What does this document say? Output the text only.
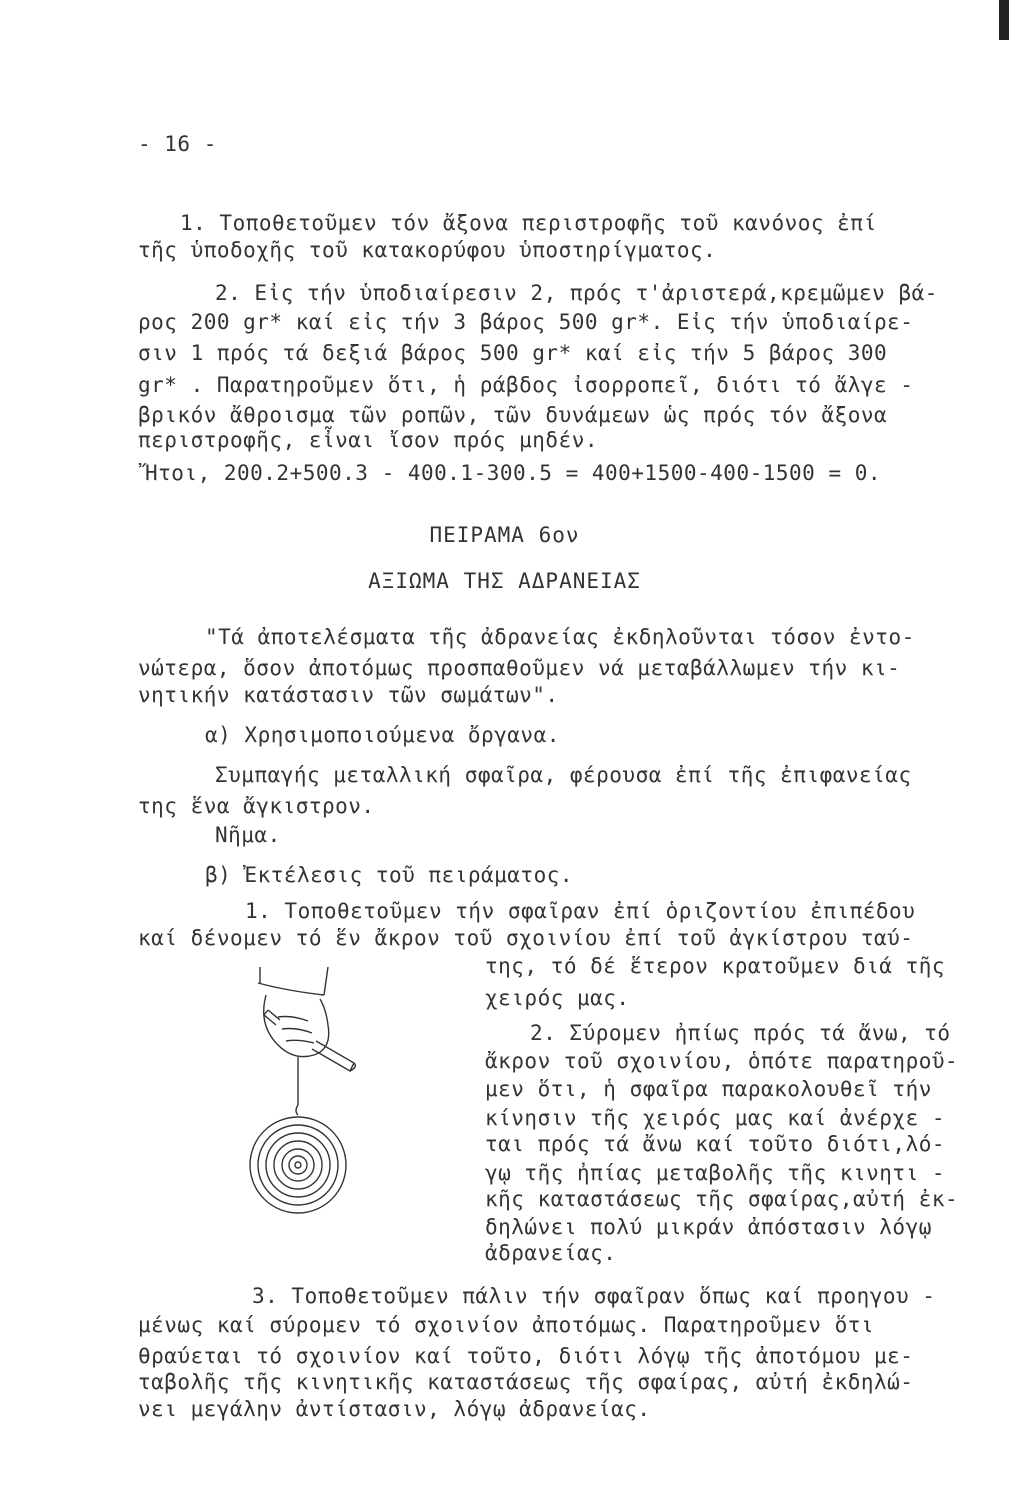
- 16 -
1. Τοποθετοῦμεν τόν ἄξονα περιστροφῆς τοῦ κανόνος ἐπί
τῆς ὑποδοχῆς τοῦ κατακορύφου ὑποστηρίγματος.
2. Εἰς τήν ὑποδιαίρεσιν 2, πρός τ'ἀριστερά,κρεμῶμεν βά-
ρος 200 gr* καί εἰς τήν 3 βάρος 500 gr*. Εἰς τήν ὑποδιαίρε-
σιν 1 πρός τά δεξιά βάρος 500 gr* καί εἰς τήν 5 βάρος 300
gr* . Παρατηροῦμεν ὅτι, ἡ ράβδος ἰσορροπεῖ, διότι τό ἄλγε -
βρικόν ἄθροισμα τῶν ροπῶν, τῶν δυνάμεων ὡς πρός τόν ἄξονα
περιστροφῆς, εἶναι ἴσον πρός μηδέν.
Ἤτοι, 200.2+500.3 - 400.1-300.5 = 400+1500-400-1500 = 0.
ΠΕΙΡΑΜΑ 6ον
ΑΞΙΩΜΑ ΤΗΣ ΑΔΡΑΝΕΙΑΣ
"Τά ἀποτελέσματα τῆς ἀδρανείας ἐκδηλοῦνται τόσον ἐντο-
νώτερα, ὅσον ἀποτόμως προσπαθοῦμεν νά μεταβάλλωμεν τήν κι-
νητικήν κατάστασιν τῶν σωμάτων".
α) Χρησιμοποιούμενα ὄργανα.
Συμπαγής μεταλλική σφαῖρα, φέρουσα ἐπί τῆς ἐπιφανείας
της ἕνα ἄγκιστρον.
Νῆμα.
β) Ἐκτέλεσις τοῦ πειράματος.
1. Τοποθετοῦμεν τήν σφαῖραν ἐπί ὁριζοντίου ἐπιπέδου
καί δένομεν τό ἕν ἄκρον τοῦ σχοινίου ἐπί τοῦ ἀγκίστρου ταύ-
της, τό δέ ἕτερον κρατοῦμεν διά τῆς
χειρός μας.
2. Σύρομεν ἠπίως πρός τά ἄνω, τό
ἄκρον τοῦ σχοινίου, ὁπότε παρατηροῦ-
μεν ὅτι, ἡ σφαῖρα παρακολουθεῖ τήν
κίνησιν τῆς χειρός μας καί ἀνέρχε -
ται πρός τά ἄνω καί τοῦτο διότι,λό-
γῳ τῆς ἠπίας μεταβολῆς τῆς κινητι -
κῆς καταστάσεως τῆς σφαίρας,αὐτή ἐκ-
δηλώνει πολύ μικράν ἀπόστασιν λόγῳ
ἀδρανείας.
3. Τοποθετοῦμεν πάλιν τήν σφαῖραν ὅπως καί προηγου -
μένως καί σύρομεν τό σχοινίον ἀποτόμως. Παρατηροῦμεν ὅτι
θραύεται τό σχοινίον καί τοῦτο, διότι λόγῳ τῆς ἀποτόμου με-
ταβολῆς τῆς κινητικῆς καταστάσεως τῆς σφαίρας, αὐτή ἐκδηλώ-
νει μεγάλην ἀντίστασιν, λόγῳ ἀδρανείας.
